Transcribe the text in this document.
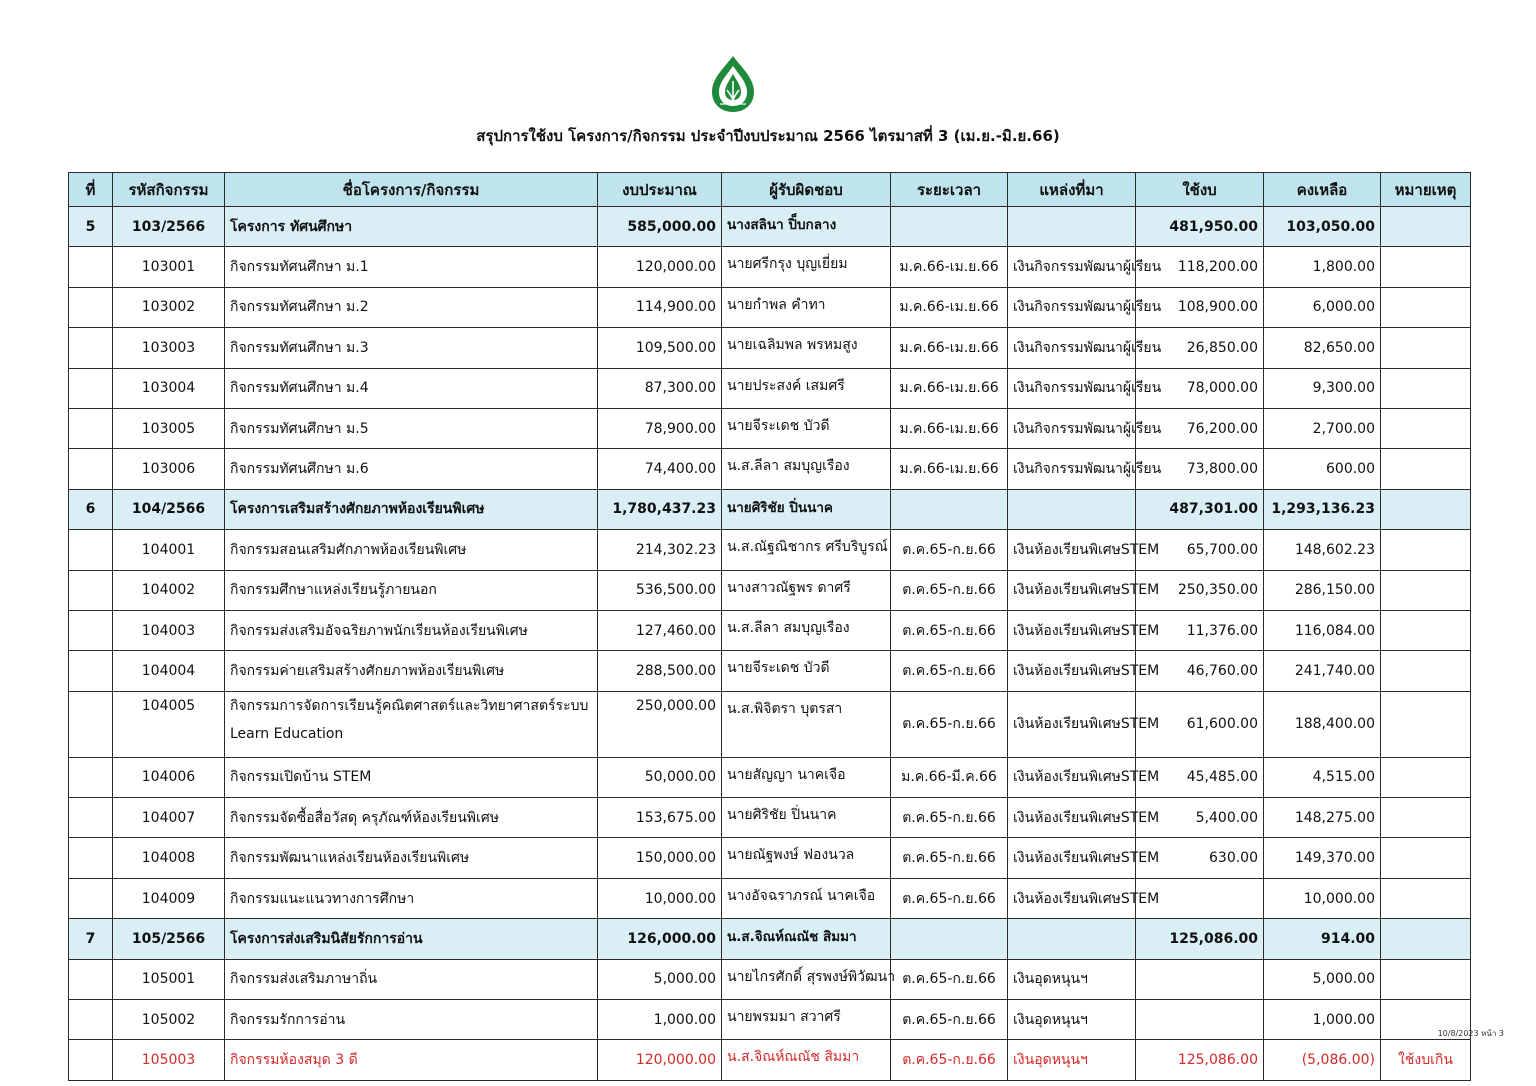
สรุปการใช้งบ โครงการ/กิจกรรม ประจำปีงบประมาณ 2566 ไตรมาสที่ 3 (เม.ย.-มิ.ย.66)
ที่	รหัสกิจกรรม	ชื่อโครงการ/กิจกรรม	งบประมาณ	ผู้รับผิดชอบ	ระยะเวลา	แหล่งที่มา	ใช้งบ	คงเหลือ	หมายเหตุ
5	103/2566	โครงการ ทัศนศึกษา	585,000.00	นางสลินา ปิ็บกลาง			481,950.00	103,050.00	
	103001	กิจกรรมทัศนศึกษา ม.1	120,000.00	นายศรีกรุง บุญเยี่ยม	ม.ค.66-เม.ย.66	เงินกิจกรรมพัฒนาผู้เรียน	118,200.00	1,800.00	
	103002	กิจกรรมทัศนศึกษา ม.2	114,900.00	นายกำพล คำทา	ม.ค.66-เม.ย.66	เงินกิจกรรมพัฒนาผู้เรียน	108,900.00	6,000.00	
	103003	กิจกรรมทัศนศึกษา ม.3	109,500.00	นายเฉลิมพล พรหมสูง	ม.ค.66-เม.ย.66	เงินกิจกรรมพัฒนาผู้เรียน	26,850.00	82,650.00	
	103004	กิจกรรมทัศนศึกษา ม.4	87,300.00	นายประสงค์ เสมศรี	ม.ค.66-เม.ย.66	เงินกิจกรรมพัฒนาผู้เรียน	78,000.00	9,300.00	
	103005	กิจกรรมทัศนศึกษา ม.5	78,900.00	นายจีระเดช บัวดี	ม.ค.66-เม.ย.66	เงินกิจกรรมพัฒนาผู้เรียน	76,200.00	2,700.00	
	103006	กิจกรรมทัศนศึกษา ม.6	74,400.00	น.ส.ลีลา สมบุญเรือง	ม.ค.66-เม.ย.66	เงินกิจกรรมพัฒนาผู้เรียน	73,800.00	600.00	
6	104/2566	โครงการเสริมสร้างศักยภาพห้องเรียนพิเศษ	1,780,437.23	นายศิริชัย ปิ่นนาค			487,301.00	1,293,136.23	
	104001	กิจกรรมสอนเสริมศักภาพห้องเรียนพิเศษ	214,302.23	น.ส.ณัฐณิชากร ศรีบริบูรณ์	ต.ค.65-ก.ย.66	เงินห้องเรียนพิเศษSTEM	65,700.00	148,602.23	
	104002	กิจกรรมศึกษาแหล่งเรียนรู้ภายนอก	536,500.00	นางสาวณัฐพร ดาศรี	ต.ค.65-ก.ย.66	เงินห้องเรียนพิเศษSTEM	250,350.00	286,150.00	
	104003	กิจกรรมส่งเสริมอัจฉริยภาพนักเรียนห้องเรียนพิเศษ	127,460.00	น.ส.ลีลา สมบุญเรือง	ต.ค.65-ก.ย.66	เงินห้องเรียนพิเศษSTEM	11,376.00	116,084.00	
	104004	กิจกรรมค่ายเสริมสร้างศักยภาพห้องเรียนพิเศษ	288,500.00	นายจีระเดช บัวดี	ต.ค.65-ก.ย.66	เงินห้องเรียนพิเศษSTEM	46,760.00	241,740.00	
	104005	กิจกรรมการจัดการเรียนรู้คณิตศาสตร์และวิทยาศาสตร์ระบบ Learn Education	250,000.00	น.ส.พิจิตรา บุตรสา	ต.ค.65-ก.ย.66	เงินห้องเรียนพิเศษSTEM	61,600.00	188,400.00	
	104006	กิจกรรมเปิดบ้าน STEM	50,000.00	นายสัญญา นาคเจือ	ม.ค.66-มี.ค.66	เงินห้องเรียนพิเศษSTEM	45,485.00	4,515.00	
	104007	กิจกรรมจัดซื้อสื่อวัสดุ ครุภัณฑ์ห้องเรียนพิเศษ	153,675.00	นายศิริชัย ปิ่นนาค	ต.ค.65-ก.ย.66	เงินห้องเรียนพิเศษSTEM	5,400.00	148,275.00	
	104008	กิจกรรมพัฒนาแหล่งเรียนห้องเรียนพิเศษ	150,000.00	นายณัฐพงษ์ ฟองนวล	ต.ค.65-ก.ย.66	เงินห้องเรียนพิเศษSTEM	630.00	149,370.00	
	104009	กิจกรรมแนะแนวทางการศึกษา	10,000.00	นางอัจฉราภรณ์ นาคเจือ	ต.ค.65-ก.ย.66	เงินห้องเรียนพิเศษSTEM		10,000.00	
7	105/2566	โครงการส่งเสริมนิสัยรักการอ่าน	126,000.00	น.ส.จิณห์ณณัช สิมมา			125,086.00	914.00	
	105001	กิจกรรมส่งเสริมภาษาถิ่น	5,000.00	นายไกรศักดิ์ สุรพงษ์พิวัฒนา	ต.ค.65-ก.ย.66	เงินอุดหนุนฯ		5,000.00	
	105002	กิจกรรมรักการอ่าน	1,000.00	นายพรมมา สวาศรี	ต.ค.65-ก.ย.66	เงินอุดหนุนฯ		1,000.00	
	105003	กิจกรรมห้องสมุด 3 ดี	120,000.00	น.ส.จิณห์ณณัช สิมมา	ต.ค.65-ก.ย.66	เงินอุดหนุนฯ	125,086.00	(5,086.00)	ใช้งบเกิน
10/8/2023 หน้า 3
